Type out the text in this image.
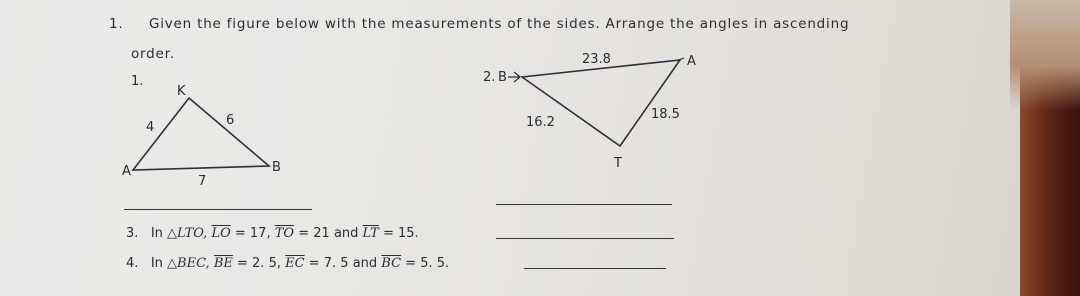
1. Given the figure below with the measurements of the sides. Arrange the angles in ascending
order.
1.
K
A	B
4	6
7
2. B
A
T
23.8
16.2
18.5
3. In △LTO, $\overline{LO} = 17$, $\overline{TO} = 21$ and $\overline{LT} = 15$.
4. In △BEC, $\overline{BE} = 2$. 5, $\overline{EC} = 7$. 5 and $\overline{BC} = 5$. 5.
